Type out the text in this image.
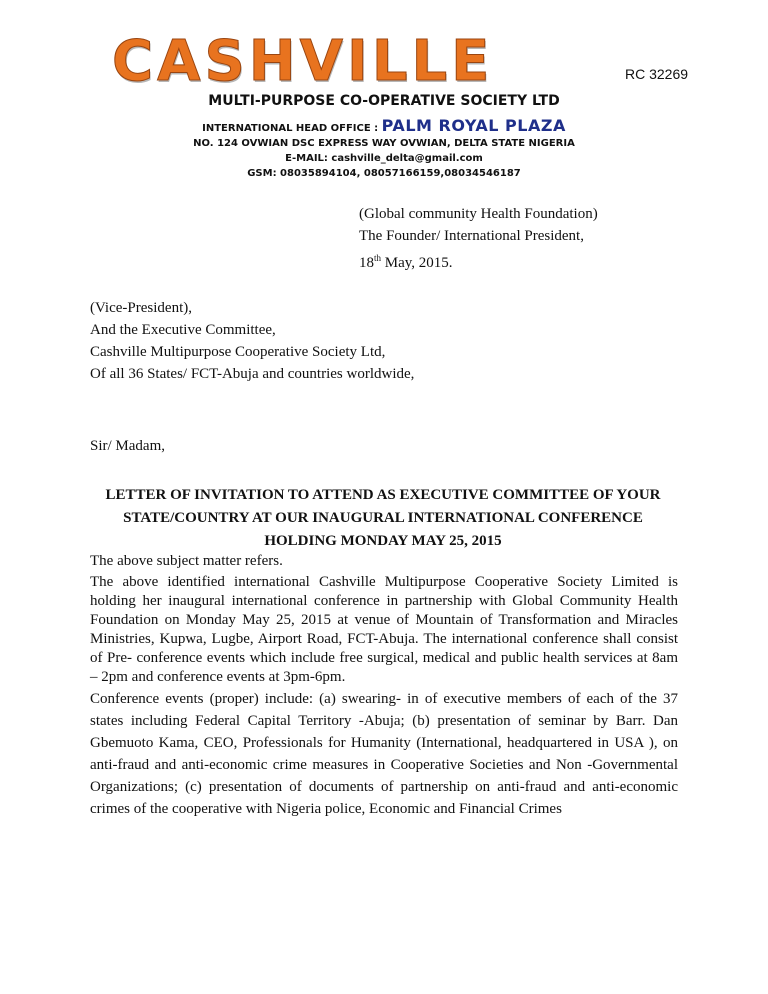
CASHVILLE	RC 32269
MULTI-PURPOSE CO-OPERATIVE SOCIETY LTD
INTERNATIONAL HEAD OFFICE : PALM ROYAL PLAZA
NO. 124 OVWIAN DSC EXPRESS WAY OVWIAN, DELTA STATE NIGERIA
E-MAIL: cashville_delta@gmail.com
GSM: 08035894104, 08057166159,08034546187
(Global community Health Foundation)
The Founder/ International President,
18th May, 2015.
(Vice-President),
And the Executive Committee,
Cashville Multipurpose Cooperative Society Ltd,
Of all 36 States/ FCT-Abuja and countries worldwide,
Sir/ Madam,
LETTER OF INVITATION TO ATTEND AS EXECUTIVE COMMITTEE OF YOUR STATE/COUNTRY AT OUR INAUGURAL INTERNATIONAL CONFERENCE HOLDING MONDAY MAY 25, 2015

The above subject matter refers.

The above identified international Cashville Multipurpose Cooperative Society Limited is holding her inaugural international conference in partnership with Global Community Health Foundation on Monday May 25, 2015 at venue of Mountain of Transformation and Miracles Ministries, Kupwa, Lugbe, Airport Road, FCT-Abuja. The international conference shall consist of Pre- conference events which include free surgical, medical and public health services at 8am – 2pm and conference events at 3pm-6pm.

Conference events (proper) include: (a) swearing- in of executive members of each of the 37 states including Federal Capital Territory -Abuja; (b) presentation of seminar by Barr. Dan Gbemuoto Kama, CEO, Professionals for Humanity (International, headquartered in USA ), on anti-fraud and anti-economic crime measures in Cooperative Societies and Non -Governmental Organizations; (c) presentation of documents of partnership on anti-fraud and anti-economic crimes of the cooperative with Nigeria police, Economic and Financial Crimes
